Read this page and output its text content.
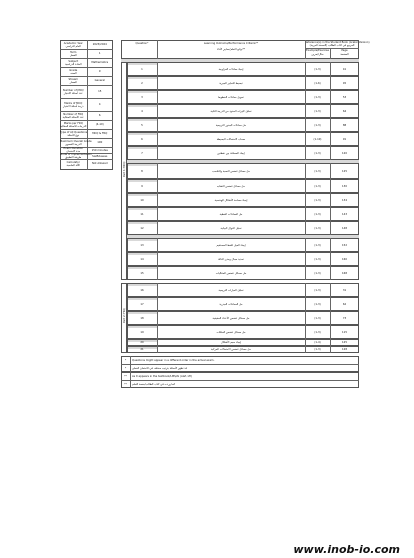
Academic Year
العام الدراسي	2023/2024
Term
الفصل	1
Subject
المادة الدراسية	Mathematics
Grade
الصف	9
Stream
المسار	General
Number of MCQ
عدد أسئلة الاختيار	15
Marks of MCQ
درجة أسئلة الاختيار	4
Number of FRQ
عدد الأسئلة المقالية	6
Marks per FRQ
الدرجات للأسئلة المقالية	(4-10)
Type of All Questions
نوع الأسئلة	MCQ & FRQ
Maximum Overall Grade
الدرجة القصوى	100
Exam Duration
مدة الامتحان	150 minutes
Mode of Implementation
طريقة التطبيق	SwiftAssess
Calculator
الآلة الحاسبة	Not Allowed
Question*	Learning Outcome/Performance Criteria**
نواتج التعلم/معايير الأداء**
Reference(s) in the Student Book (Arabic Version)
المرجع في كتاب الطالب (النسخة العربية)
Example/Exercise
مثال/تمرين
Page
الصفحة
1	إيجاد معادلات المزاوجة	(1-3)	41
2	تبسيط التعابير الجبرية	(1-6)	45
3	تحويل معادلات الخطوط	(1-3)	53
4	تحليل كثيرات الحدود من الدرجة الثانية	(1-3)	64
5	حل معادلات الجذور التربيعية	(1-3)	88
6	حساب الاحتمالات البسيطة	(1-10)	91
7	إيجاد المسافة بين نقطتين	(1-3)	120
8	حل مسائل تتضمن النسبة والتناسب	(1-3)	125
9	حل مسائل تتضمن التشابه	(1-3)	130
10	إيجاد مساحة الأشكال الهندسية	(1-3)	134
11	حل المعادلات الخطية	(1-3)	143
12	تمثيل الدوال البيانية	(1-3)	148
13	إيجاد الميل للخط المستقيم	(1-3)	152
14	تحديد مجال ومدى الدالة	(1-3)	160
15	حل مسائل تتضمن المتتاليات	(1-3)	168
16	تحليل العبارات التربيعية	(1-3)	31
17	حل المعادلات الجذرية	(1-3)	62
18	حل مسائل تتضمن الأعداد الحقيقية	(1-3)	73
19	حل مسائل تتضمن المثلثات	(1-3)	115
20	إيجاد حجم الأشكال	(1-4)	125
21	حل مسائل تتضمن الاحتمالات المركبة	(1-3)	128
Part 1: MCQ
Part 2: FRQ
*
*
Questions might appear in a different order in the actual exam.
قد تظهر الأسئلة بترتيب مختلف في الامتحان الفعلي
**
**
As it appears in the textbook/LMS/AI (Alef, LTI)
كما وردت في كتاب الطالب/منصة التعلم
www.inob-io.com
